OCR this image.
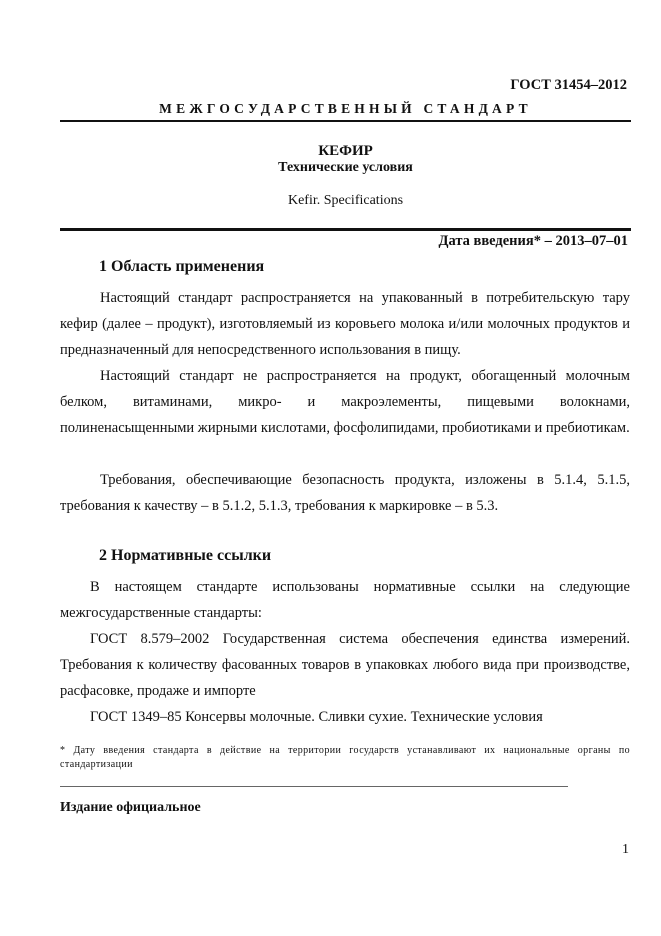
ГОСТ 31454–2012
МЕЖГОСУДАРСТВЕННЫЙ СТАНДАРТ
КЕФИР
Технические условия
Kefir. Specifications
Дата введения* – 2013–07–01
1 Область применения
Настоящий стандарт распространяется на упакованный в потребительскую тару кефир (далее – продукт), изготовляемый из коровьего молока и/или молочных продуктов и предназначенный для непосредственного использования в пищу.
Настоящий стандарт не распространяется на продукт, обогащенный молочным белком, витаминами, микро- и макроэлементы, пищевыми волокнами, полиненасыщенными жирными кислотами, фосфолипидами, пробиотиками и пребиотикам.
Требования, обеспечивающие безопасность продукта, изложены в 5.1.4, 5.1.5, требования к качеству – в 5.1.2, 5.1.3, требования к маркировке – в 5.3.
2 Нормативные ссылки
В настоящем стандарте использованы нормативные ссылки на следующие межгосударственные стандарты:
ГОСТ 8.579–2002 Государственная система обеспечения единства измерений. Требования к количеству фасованных товаров в упаковках любого вида при производстве, расфасовке, продаже и импорте
ГОСТ 1349–85 Консервы молочные. Сливки сухие. Технические условия
* Дату введения стандарта в действие на территории государств устанавливают их национальные органы по стандартизации
Издание официальное
1
